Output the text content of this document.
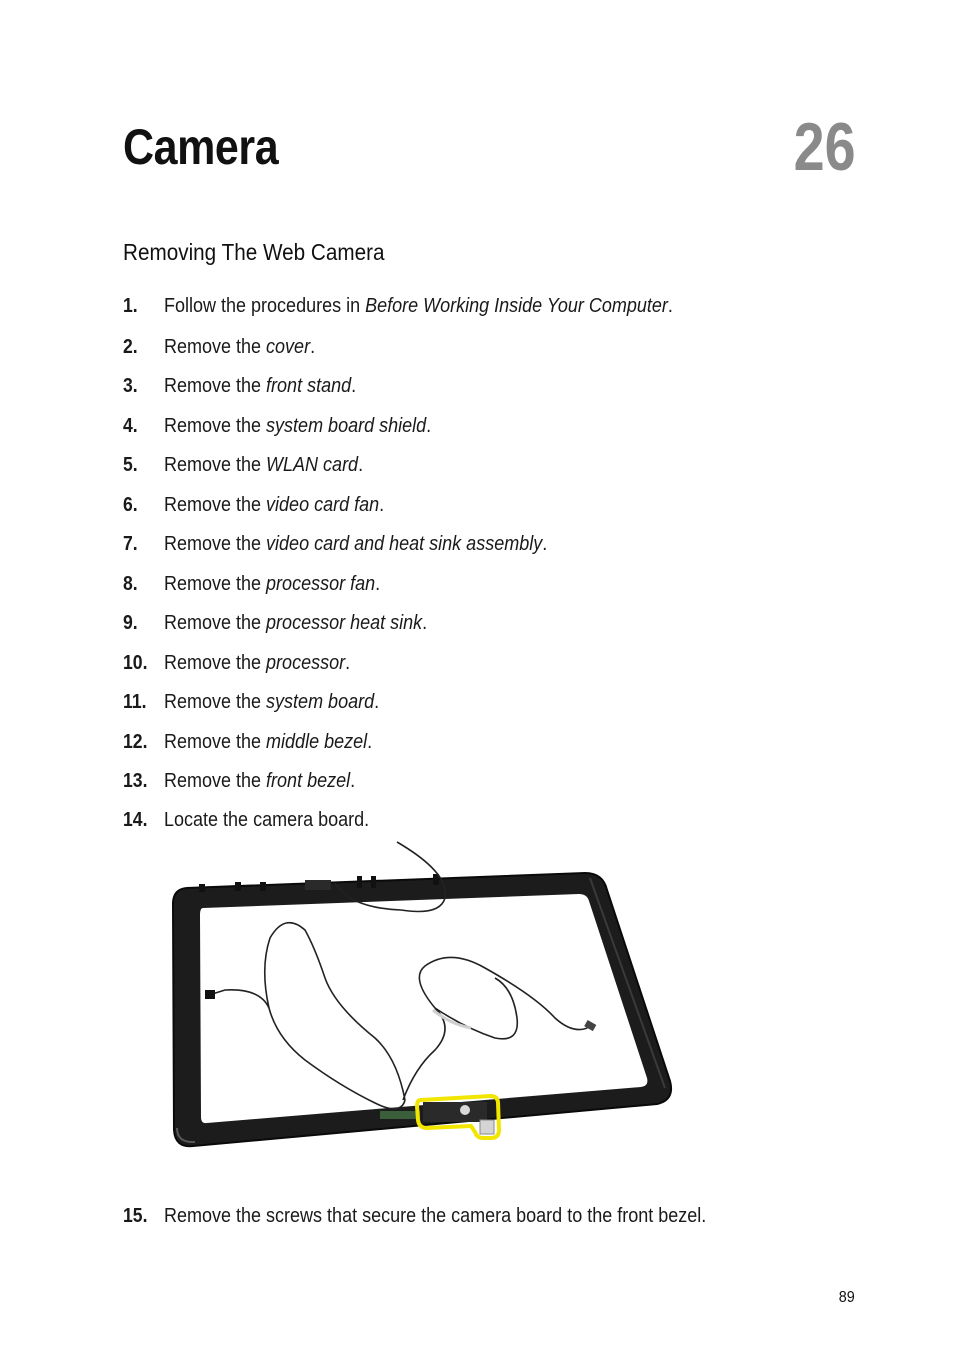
Camera	26
Removing The Web Camera
1.	Follow the procedures in Before Working Inside Your Computer.
2.	Remove the cover.
3.	Remove the front stand.
4.	Remove the system board shield.
5.	Remove the WLAN card.
6.	Remove the video card fan.
7.	Remove the video card and heat sink assembly.
8.	Remove the processor fan.
9.	Remove the processor heat sink.
10. Remove the processor.
11. Remove the system board.
12. Remove the middle bezel.
13. Remove the front bezel.
14. Locate the camera board.
15. Remove the screws that secure the camera board to the front bezel.
89
